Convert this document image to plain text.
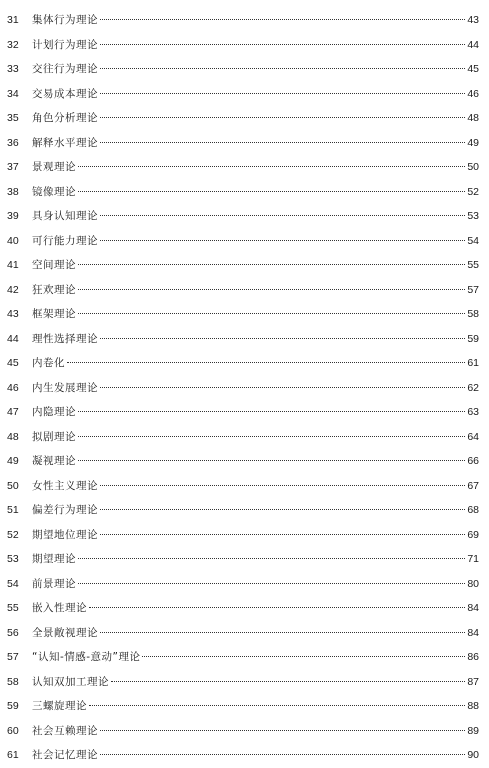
31	集体行为理论	43
32	计划行为理论	44
33	交往行为理论	45
34	交易成本理论	46
35	角色分析理论	48
36	解释水平理论	49
37	景观理论	50
38	镜像理论	52
39	具身认知理论	53
40	可行能力理论	54
41	空间理论	55
42	狂欢理论	57
43	框架理论	58
44	理性选择理论	59
45	内卷化	61
46	内生发展理论	62
47	内隐理论	63
48	拟剧理论	64
49	凝视理论	66
50	女性主义理论	67
51	偏差行为理论	68
52	期望地位理论	69
53	期望理论	71
54	前景理论	80
55	嵌入性理论	84
56	全景敞视理论	84
57	“认知-情感-意动”理论	86
58	认知双加工理论	87
59	三螺旋理论	88
60	社会互赖理论	89
61	社会记忆理论	90
